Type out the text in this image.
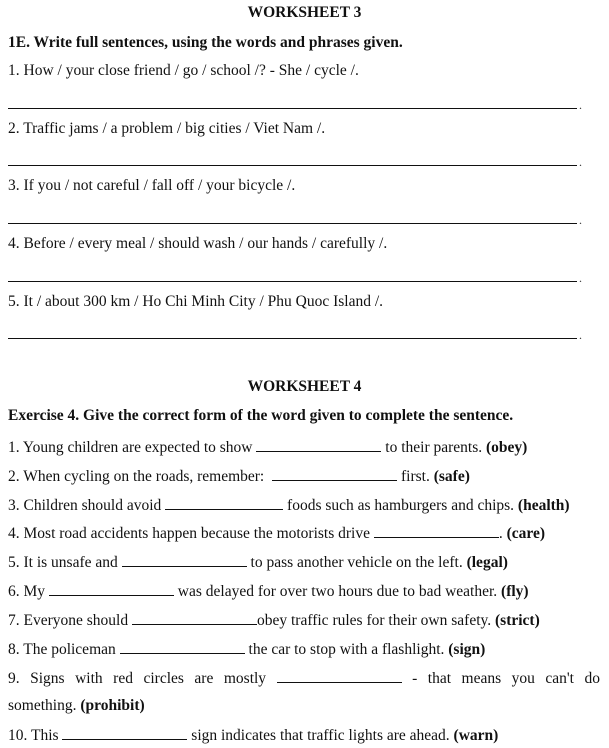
WORKSHEET 3
1E. Write full sentences, using the words and phrases given.
1. How / your close friend / go / school /? - She / cycle /.
.
2. Traffic jams / a problem / big cities / Viet Nam /.
.
3. If you / not careful / fall off / your bicycle /.
.
4. Before / every meal / should wash / our hands / carefully /.
.
5. It / about 300 km / Ho Chi Minh City / Phu Quoc Island /.
.
WORKSHEET 4
Exercise 4. Give the correct form of the word given to complete the sentence.
1. Young children are expected to show	to their parents. (obey)
2. When cycling on the roads, remember:	first. (safe)
3. Children should avoid	foods such as hamburgers and chips. (health)
4. Most road accidents happen because the motorists drive	. (care)
5. It is unsafe and	to pass another vehicle on the left. (legal)
6. My	was delayed for over two hours due to bad weather. (fly)
7. Everyone should	obey traffic rules for their own safety. (strict)
8. The policeman	the car to stop with a flashlight. (sign)
9. Signs with red circles are mostly	- that means you can't do
something. (prohibit)
10. This	sign indicates that traffic lights are ahead. (warn)
